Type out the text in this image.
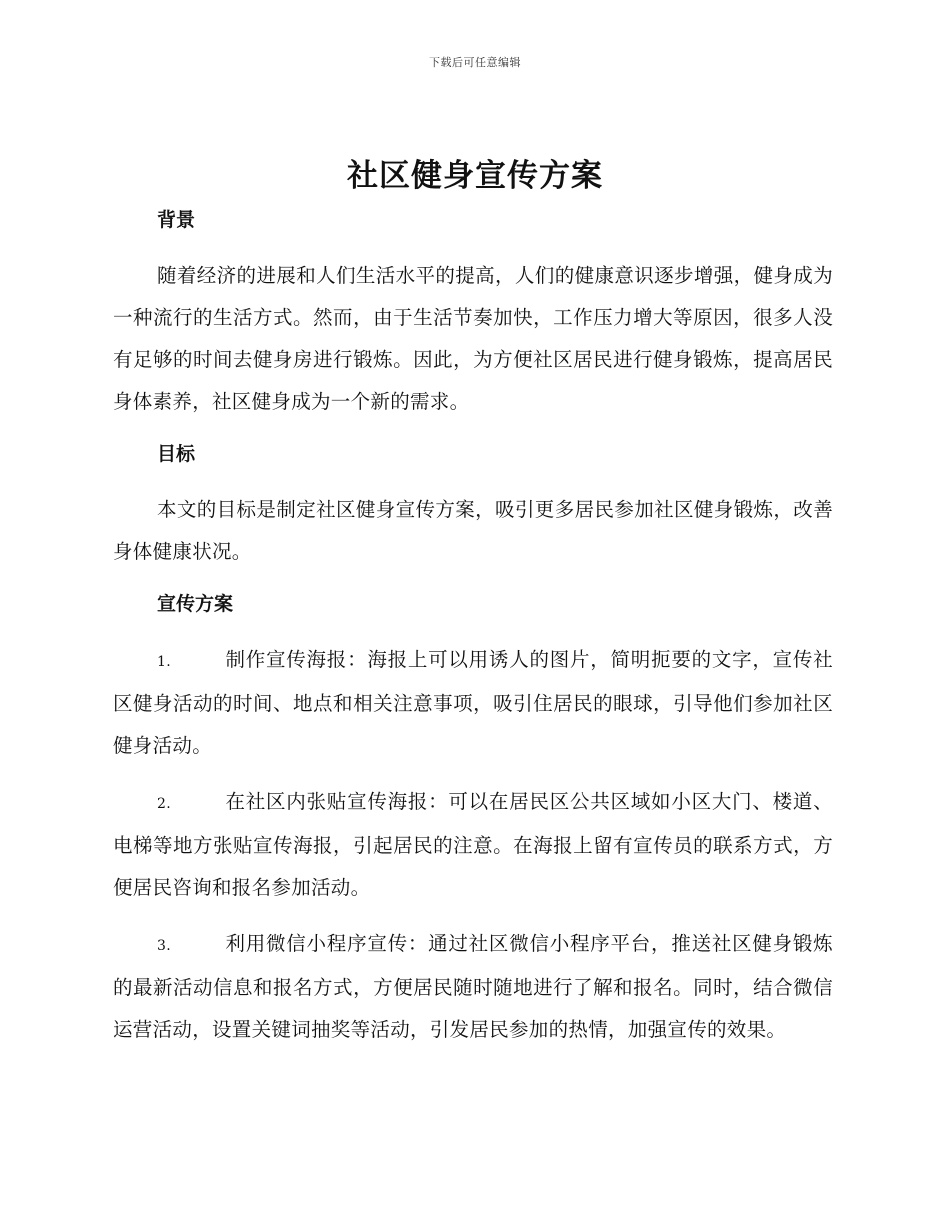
下载后可任意编辑
社区健身宣传方案
背景

随着经济的进展和人们生活水平的提高，人们的健康意识逐步增强，健身成为一种流行的生活方式。然而，由于生活节奏加快，工作压力增大等原因，很多人没有足够的时间去健身房进行锻炼。因此，为方便社区居民进行健身锻炼，提高居民身体素养，社区健身成为一个新的需求。

目标

本文的目标是制定社区健身宣传方案，吸引更多居民参加社区健身锻炼，改善身体健康状况。

宣传方案

1.	制作宣传海报：海报上可以用诱人的图片，简明扼要的文字，宣传社区健身活动的时间、地点和相关注意事项，吸引住居民的眼球，引导他们参加社区健身活动。

2.	在社区内张贴宣传海报：可以在居民区公共区域如小区大门、楼道、电梯等地方张贴宣传海报，引起居民的注意。在海报上留有宣传员的联系方式，方便居民咨询和报名参加活动。

3.	利用微信小程序宣传：通过社区微信小程序平台，推送社区健身锻炼的最新活动信息和报名方式，方便居民随时随地进行了解和报名。同时，结合微信运营活动，设置关键词抽奖等活动，引发居民参加的热情，加强宣传的效果。
